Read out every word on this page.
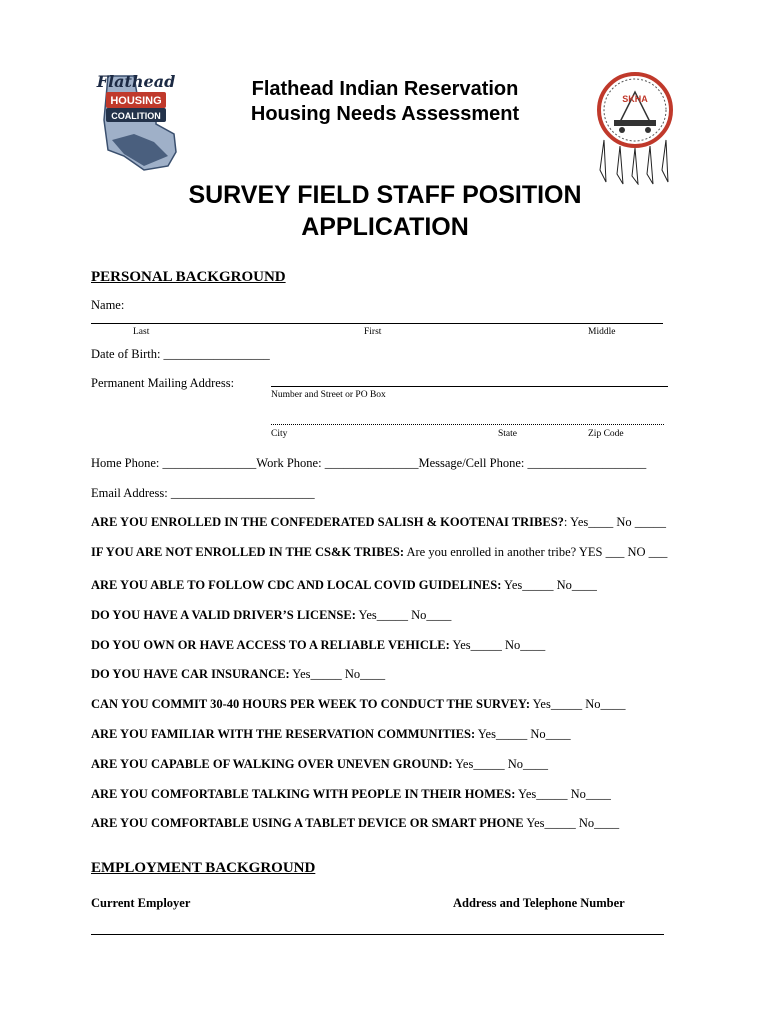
Flathead
HOUSING
COALITION
SKHA
Flathead Indian Reservation
Housing Needs Assessment
SURVEY FIELD STAFF POSITION
APPLICATION
PERSONAL BACKGROUND
Name:
Last	First	Middle
Date of Birth: _________________
Permanent Mailing Address:
Number and Street or PO Box
City	State	Zip Code
Home Phone: _______________Work Phone: _______________Message/Cell Phone: ___________________
Email Address: _______________________
ARE YOU ENROLLED IN THE CONFEDERATED SALISH & KOOTENAI TRIBES?: Yes____ No _____
IF YOU ARE NOT ENROLLED IN THE CS&K TRIBES: Are you enrolled in another tribe? YES ___ NO ___
ARE YOU ABLE TO FOLLOW CDC AND LOCAL COVID GUIDELINES: Yes_____ No____
DO YOU HAVE A VALID DRIVER’S LICENSE: Yes_____ No____
DO YOU OWN OR HAVE ACCESS TO A RELIABLE VEHICLE: Yes_____ No____
DO YOU HAVE CAR INSURANCE: Yes_____ No____
CAN YOU COMMIT 30-40 HOURS PER WEEK TO CONDUCT THE SURVEY: Yes_____ No____
ARE YOU FAMILIAR WITH THE RESERVATION COMMUNITIES: Yes_____ No____
ARE YOU CAPABLE OF WALKING OVER UNEVEN GROUND: Yes_____ No____
ARE YOU COMFORTABLE TALKING WITH PEOPLE IN THEIR HOMES: Yes_____ No____
ARE YOU COMFORTABLE USING A TABLET DEVICE OR SMART PHONE Yes_____ No____
EMPLOYMENT BACKGROUND
Current Employer	Address and Telephone Number
